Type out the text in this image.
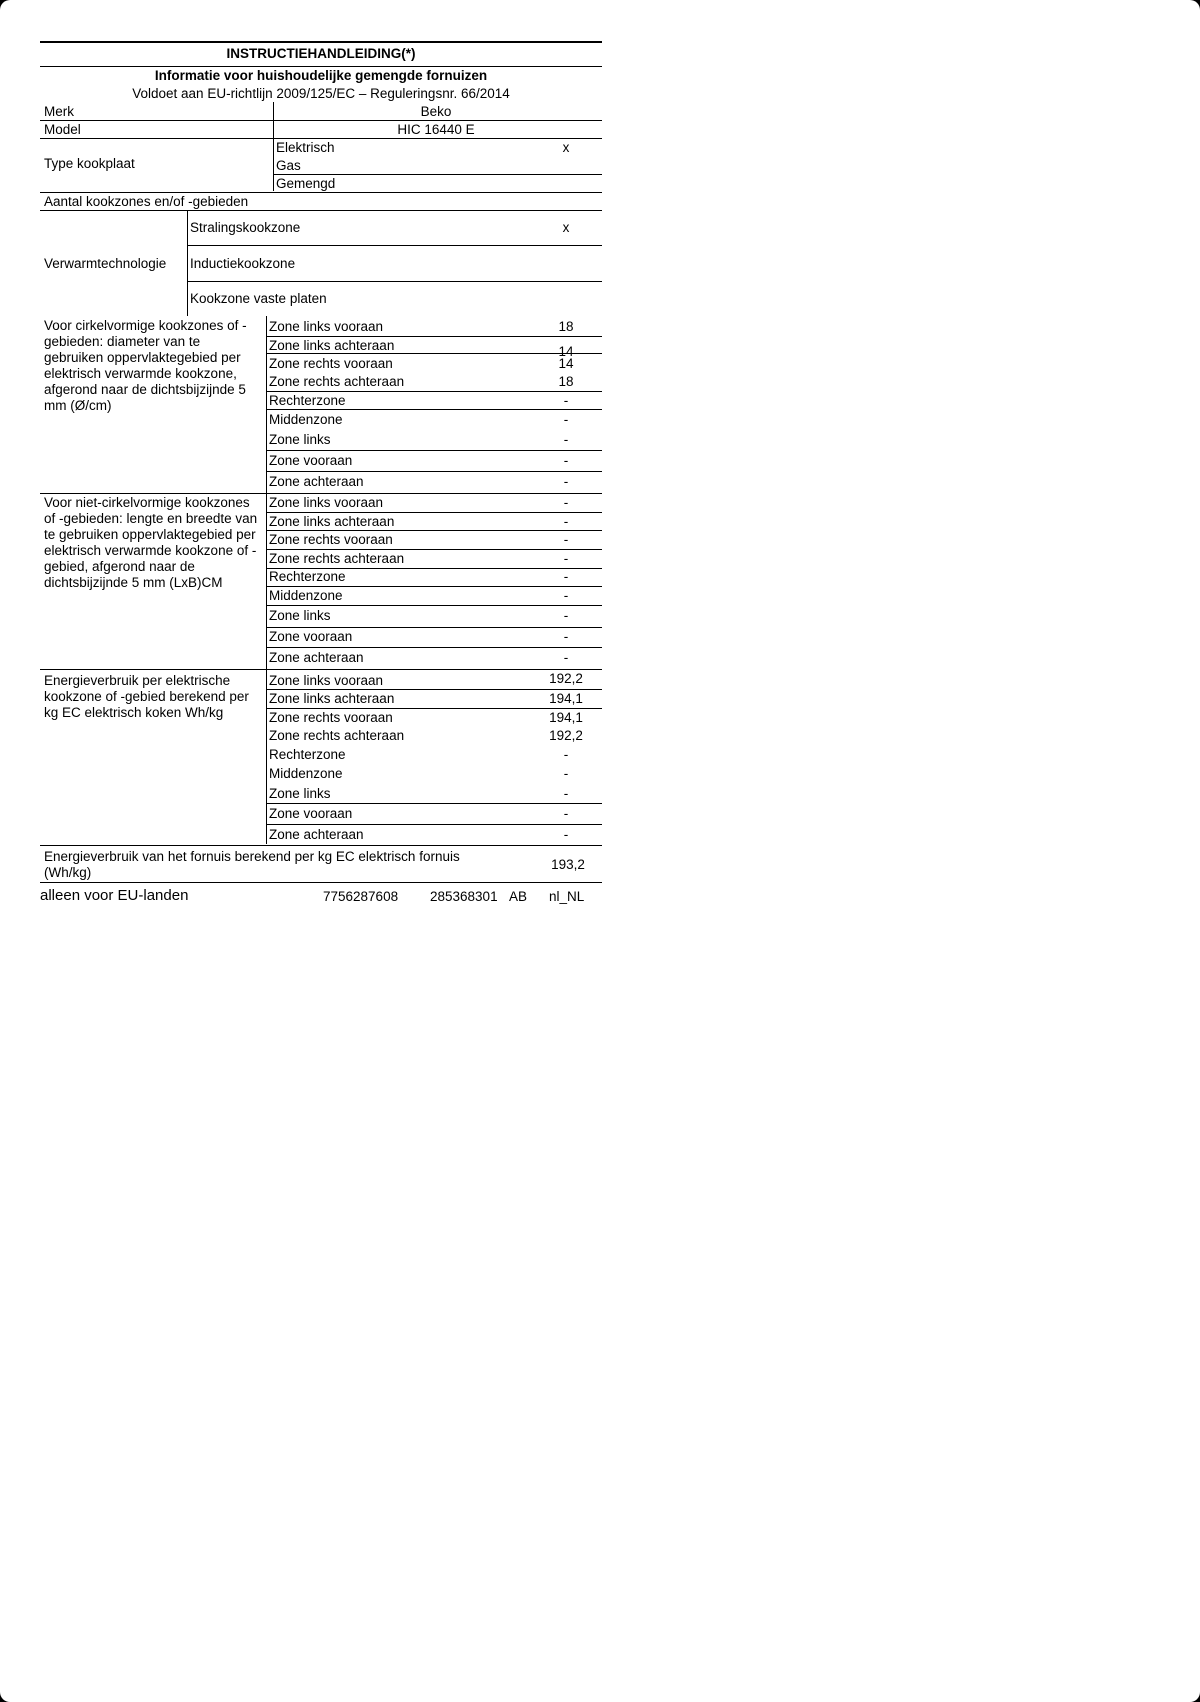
INSTRUCTIEHANDLEIDING(*)
Informatie voor huishoudelijke gemengde fornuizen
Voldoet aan EU-richtlijn 2009/125/EC – Reguleringsnr. 66/2014
Merk	Beko
Model	HIC 16440 E
Type kookplaat
Elektrisch	x
Gas
Gemengd
Aantal kookzones en/of -gebieden
Verwarmtechnologie
Stralingskookzone	x
Inductiekookzone
Kookzone vaste platen
Voor cirkelvormige kookzones of -gebieden: diameter van te gebruiken oppervlaktegebied per elektrisch verwarmde kookzone, afgerond naar de dichtsbijzijnde 5 mm (Ø/cm)
Zone links vooraan	18
Zone links achteraan	14
Zone rechts vooraan	14
Zone rechts achteraan	18
Rechterzone	-
Middenzone	-
Zone links	-
Zone vooraan	-
Zone achteraan	-
Voor niet-cirkelvormige kookzones of -gebieden: lengte en breedte van te gebruiken oppervlaktegebied per elektrisch verwarmde kookzone of -gebied, afgerond naar de dichtsbijzijnde 5 mm (LxB)CM
Zone links vooraan	-
Zone links achteraan	-
Zone rechts vooraan	-
Zone rechts achteraan	-
Rechterzone	-
Middenzone	-
Zone links	-
Zone vooraan	-
Zone achteraan	-
Energieverbruik per elektrische kookzone of -gebied berekend per kg EC elektrisch koken Wh/kg
Zone links vooraan	192,2
Zone links achteraan	194,1
Zone rechts vooraan	194,1
Zone rechts achteraan	192,2
Rechterzone	-
Middenzone	-
Zone links	-
Zone vooraan	-
Zone achteraan	-
Energieverbruik van het fornuis berekend per kg EC elektrisch fornuis (Wh/kg)
193,2
alleen voor EU-landen	7756287608 285368301 AB nl_NL
